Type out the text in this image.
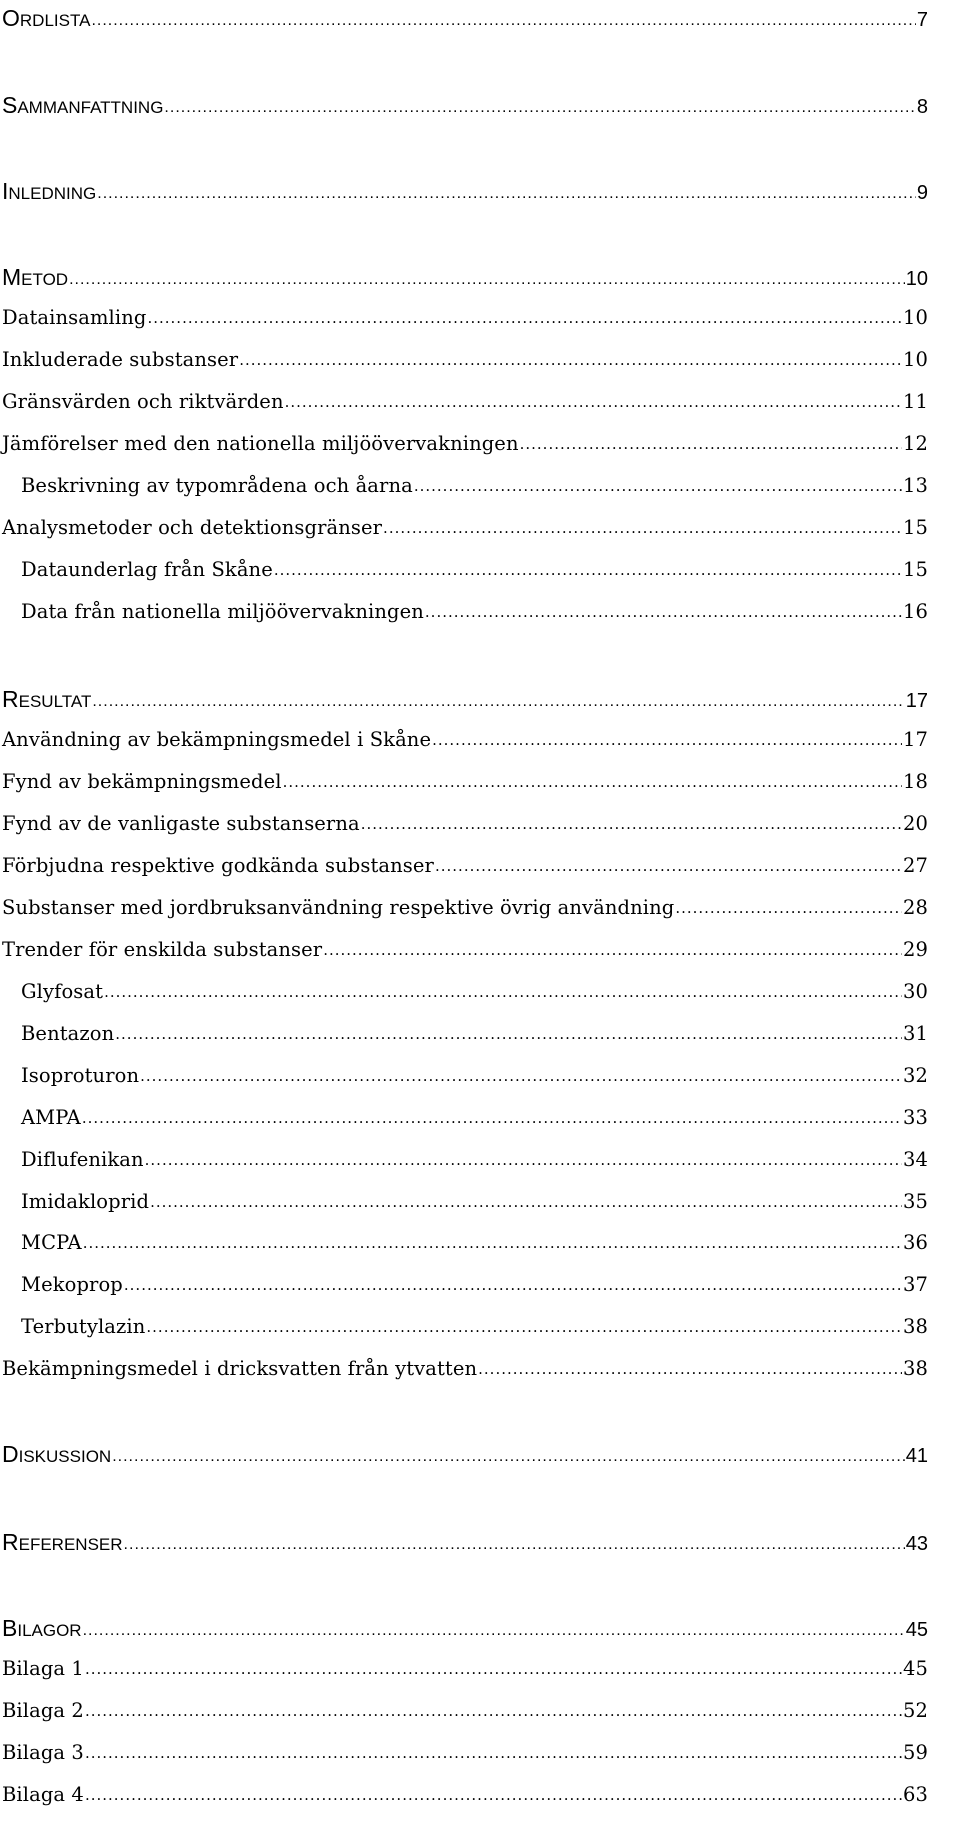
ORDLISTA .....	7
SAMMANFATTNING .....	8
INLEDNING .....	9
METOD .....	10
Datainsamling .....	10
Inkluderade substanser .....	10
Gränsvärden och riktvärden .....	11
Jämförelser med den nationella miljöövervakningen .....	12
Beskrivning av typområdena och åarna .....	13
Analysmetoder och detektionsgränser .....	15
Dataunderlag från Skåne .....	15
Data från nationella miljöövervakningen .....	16
RESULTAT .....	17
Användning av bekämpningsmedel i Skåne .....	17
Fynd av bekämpningsmedel .....	18
Fynd av de vanligaste substanserna .....	20
Förbjudna respektive godkända substanser .....	27
Substanser med jordbruksanvändning respektive övrig användning .....	28
Trender för enskilda substanser .....	29
Glyfosat .....	30
Bentazon .....	31
Isoproturon .....	32
AMPA .....	33
Diflufenikan .....	34
Imidakloprid .....	35
MCPA .....	36
Mekoprop .....	37
Terbutylazin .....	38
Bekämpningsmedel i dricksvatten från ytvatten .....	38
DISKUSSION .....	41
REFERENSER .....	43
BILAGOR .....	45
Bilaga 1 .....	45
Bilaga 2 .....	52
Bilaga 3 .....	59
Bilaga 4 .....	63
